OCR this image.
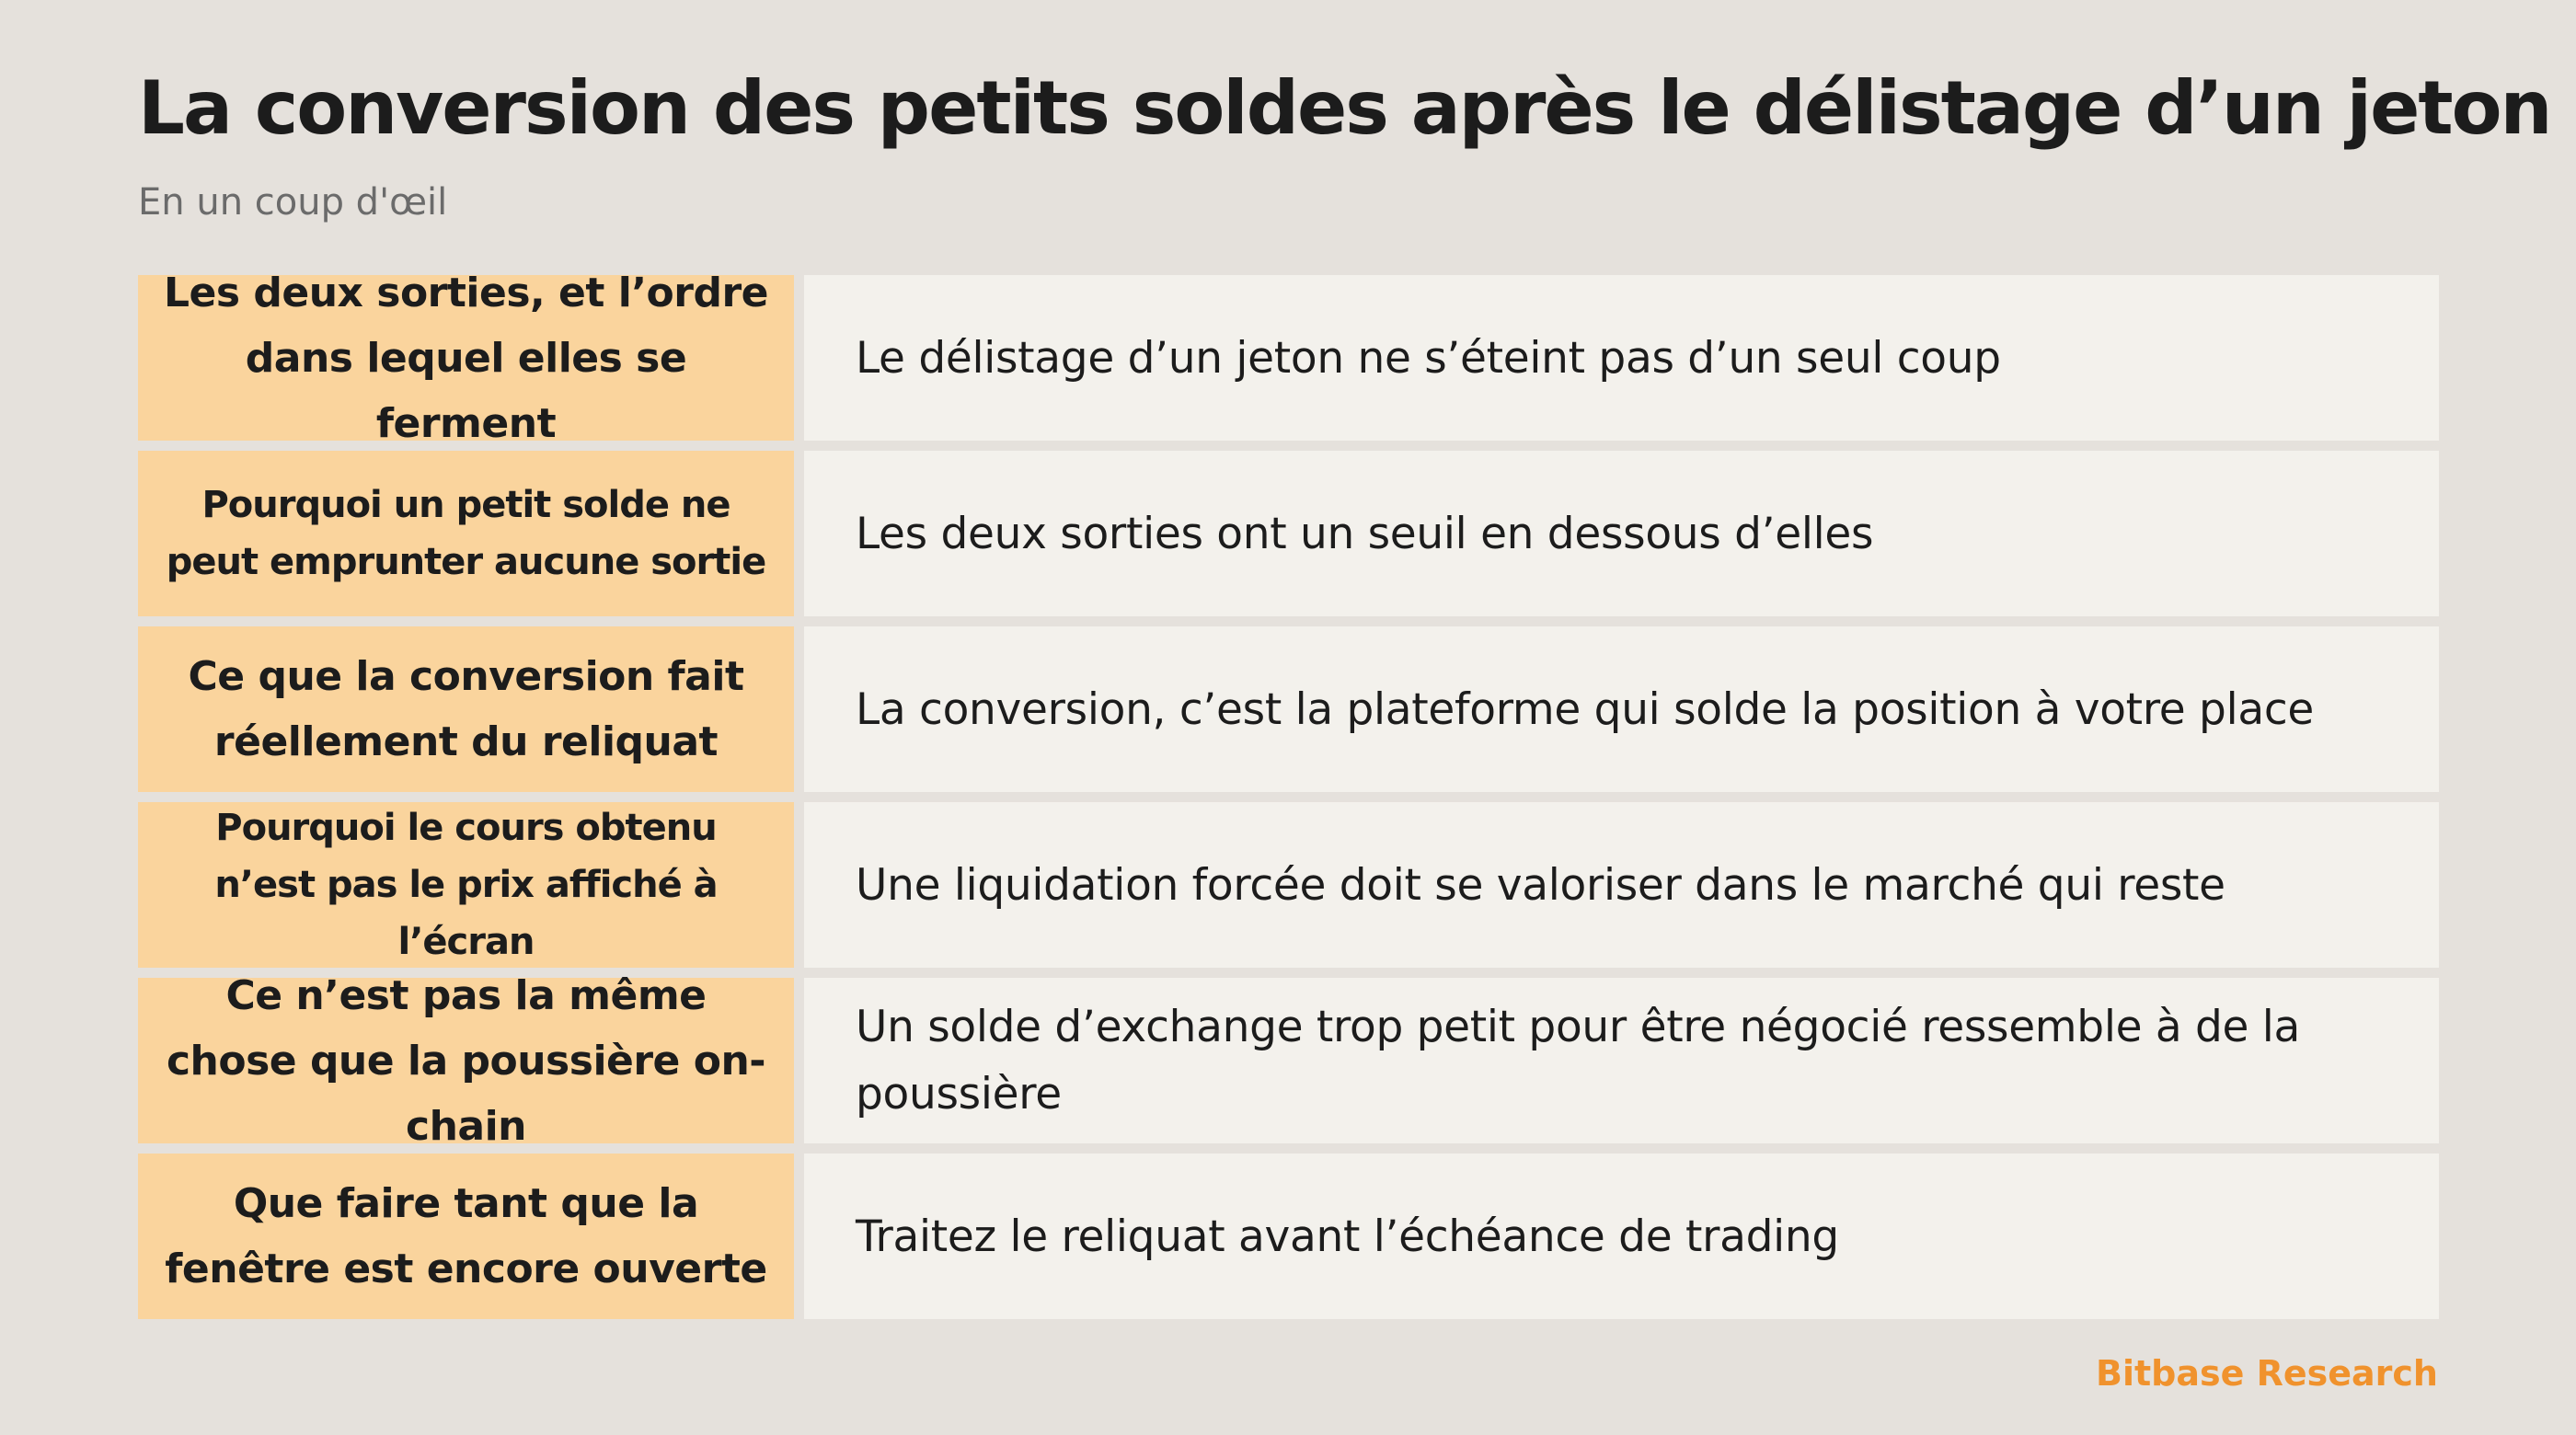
La conversion des petits soldes après le délistage d’un jeton

En un coup d'œil

Les deux sorties, et l’ordre dans lequel elles se ferment
Le délistage d’un jeton ne s’éteint pas d’un seul coup
Pourquoi un petit solde ne peut emprunter aucune sortie
Les deux sorties ont un seuil en dessous d’elles
Ce que la conversion fait réellement du reliquat
La conversion, c’est la plateforme qui solde la position à votre place
Pourquoi le cours obtenu n’est pas le prix affiché à l’écran
Une liquidation forcée doit se valoriser dans le marché qui reste
Ce n’est pas la même chose que la poussière on-chain
Un solde d’exchange trop petit pour être négocié ressemble à de la poussière
Que faire tant que la fenêtre est encore ouverte
Traitez le reliquat avant l’échéance de trading

Bitbase Research
